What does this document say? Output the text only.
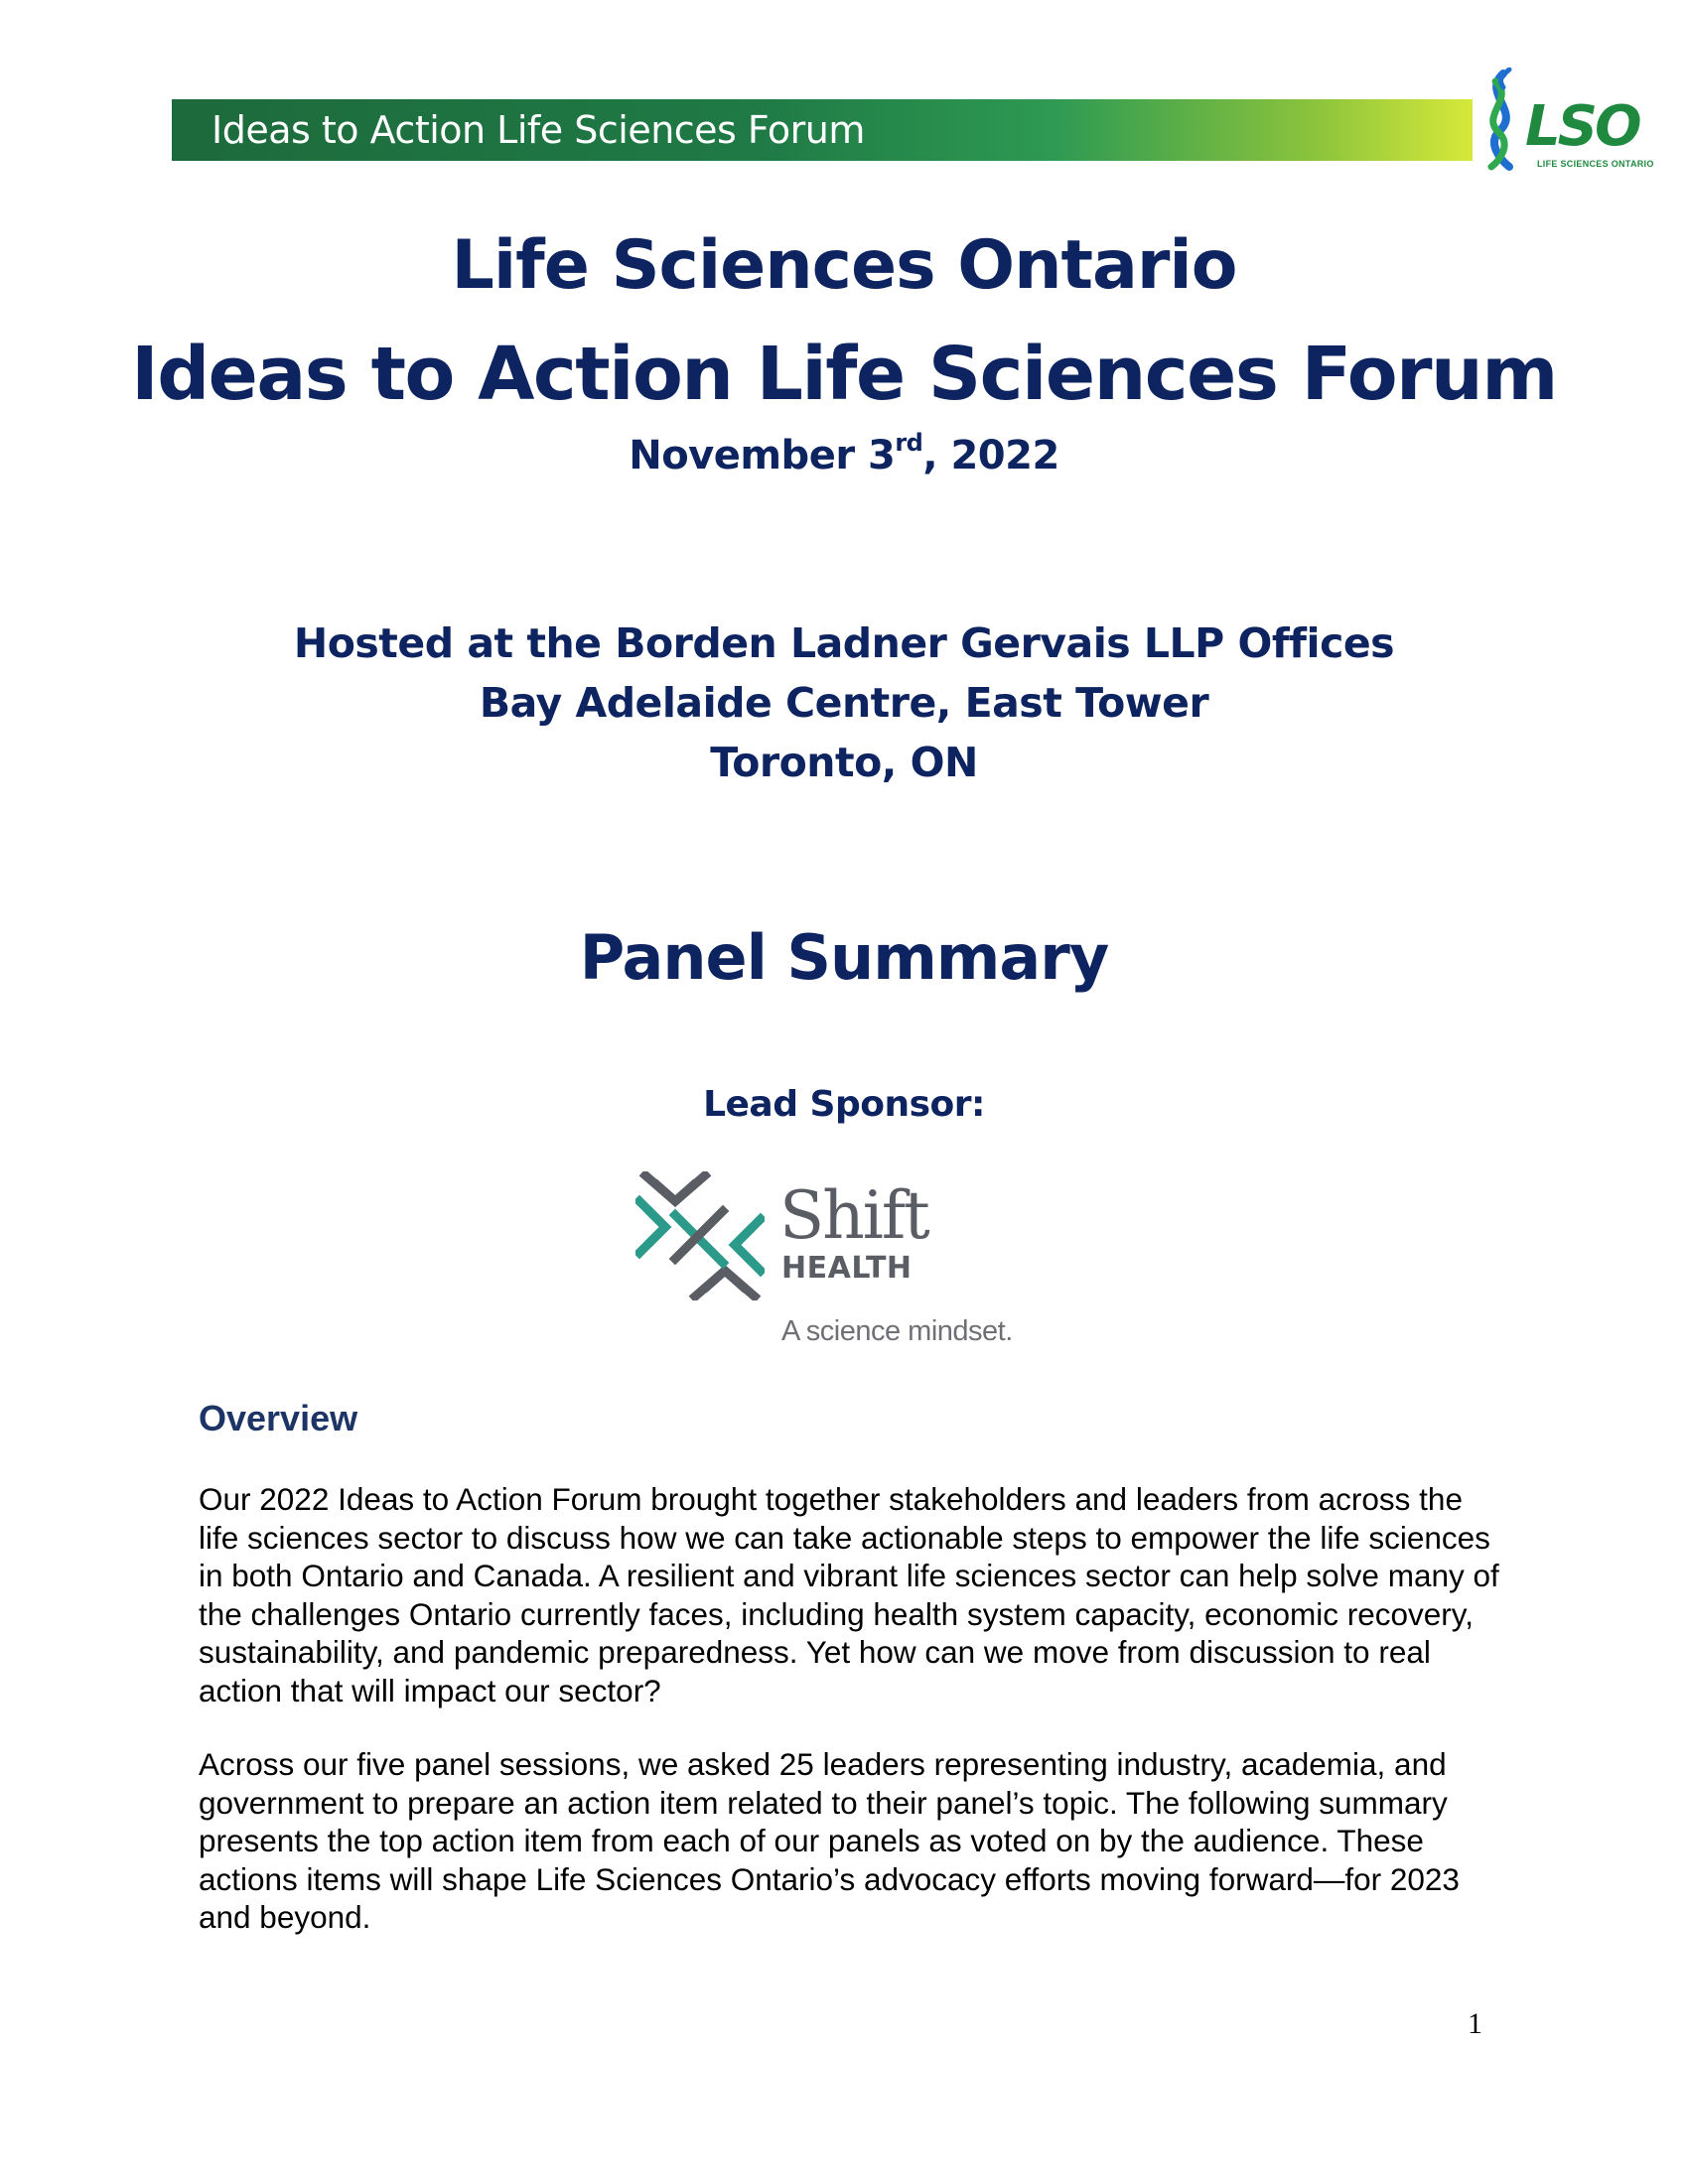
Ideas to Action Life Sciences Forum	LSO
LIFE SCIENCES ONTARIO
Life Sciences Ontario
Ideas to Action Life Sciences Forum
November 3rd, 2022
Hosted at the Borden Ladner Gervais LLP Offices
Bay Adelaide Centre, East Tower
Toronto, ON
Panel Summary
Lead Sponsor:
Shift
HEALTH
A science mindset.
Overview

Our 2022 Ideas to Action Forum brought together stakeholders and leaders from across the life sciences sector to discuss how we can take actionable steps to empower the life sciences in both Ontario and Canada. A resilient and vibrant life sciences sector can help solve many of the challenges Ontario currently faces, including health system capacity, economic recovery, sustainability, and pandemic preparedness. Yet how can we move from discussion to real action that will impact our sector?

Across our five panel sessions, we asked 25 leaders representing industry, academia, and government to prepare an action item related to their panel’s topic. The following summary presents the top action item from each of our panels as voted on by the audience. These actions items will shape Life Sciences Ontario’s advocacy efforts moving forward—for 2023 and beyond.

1
